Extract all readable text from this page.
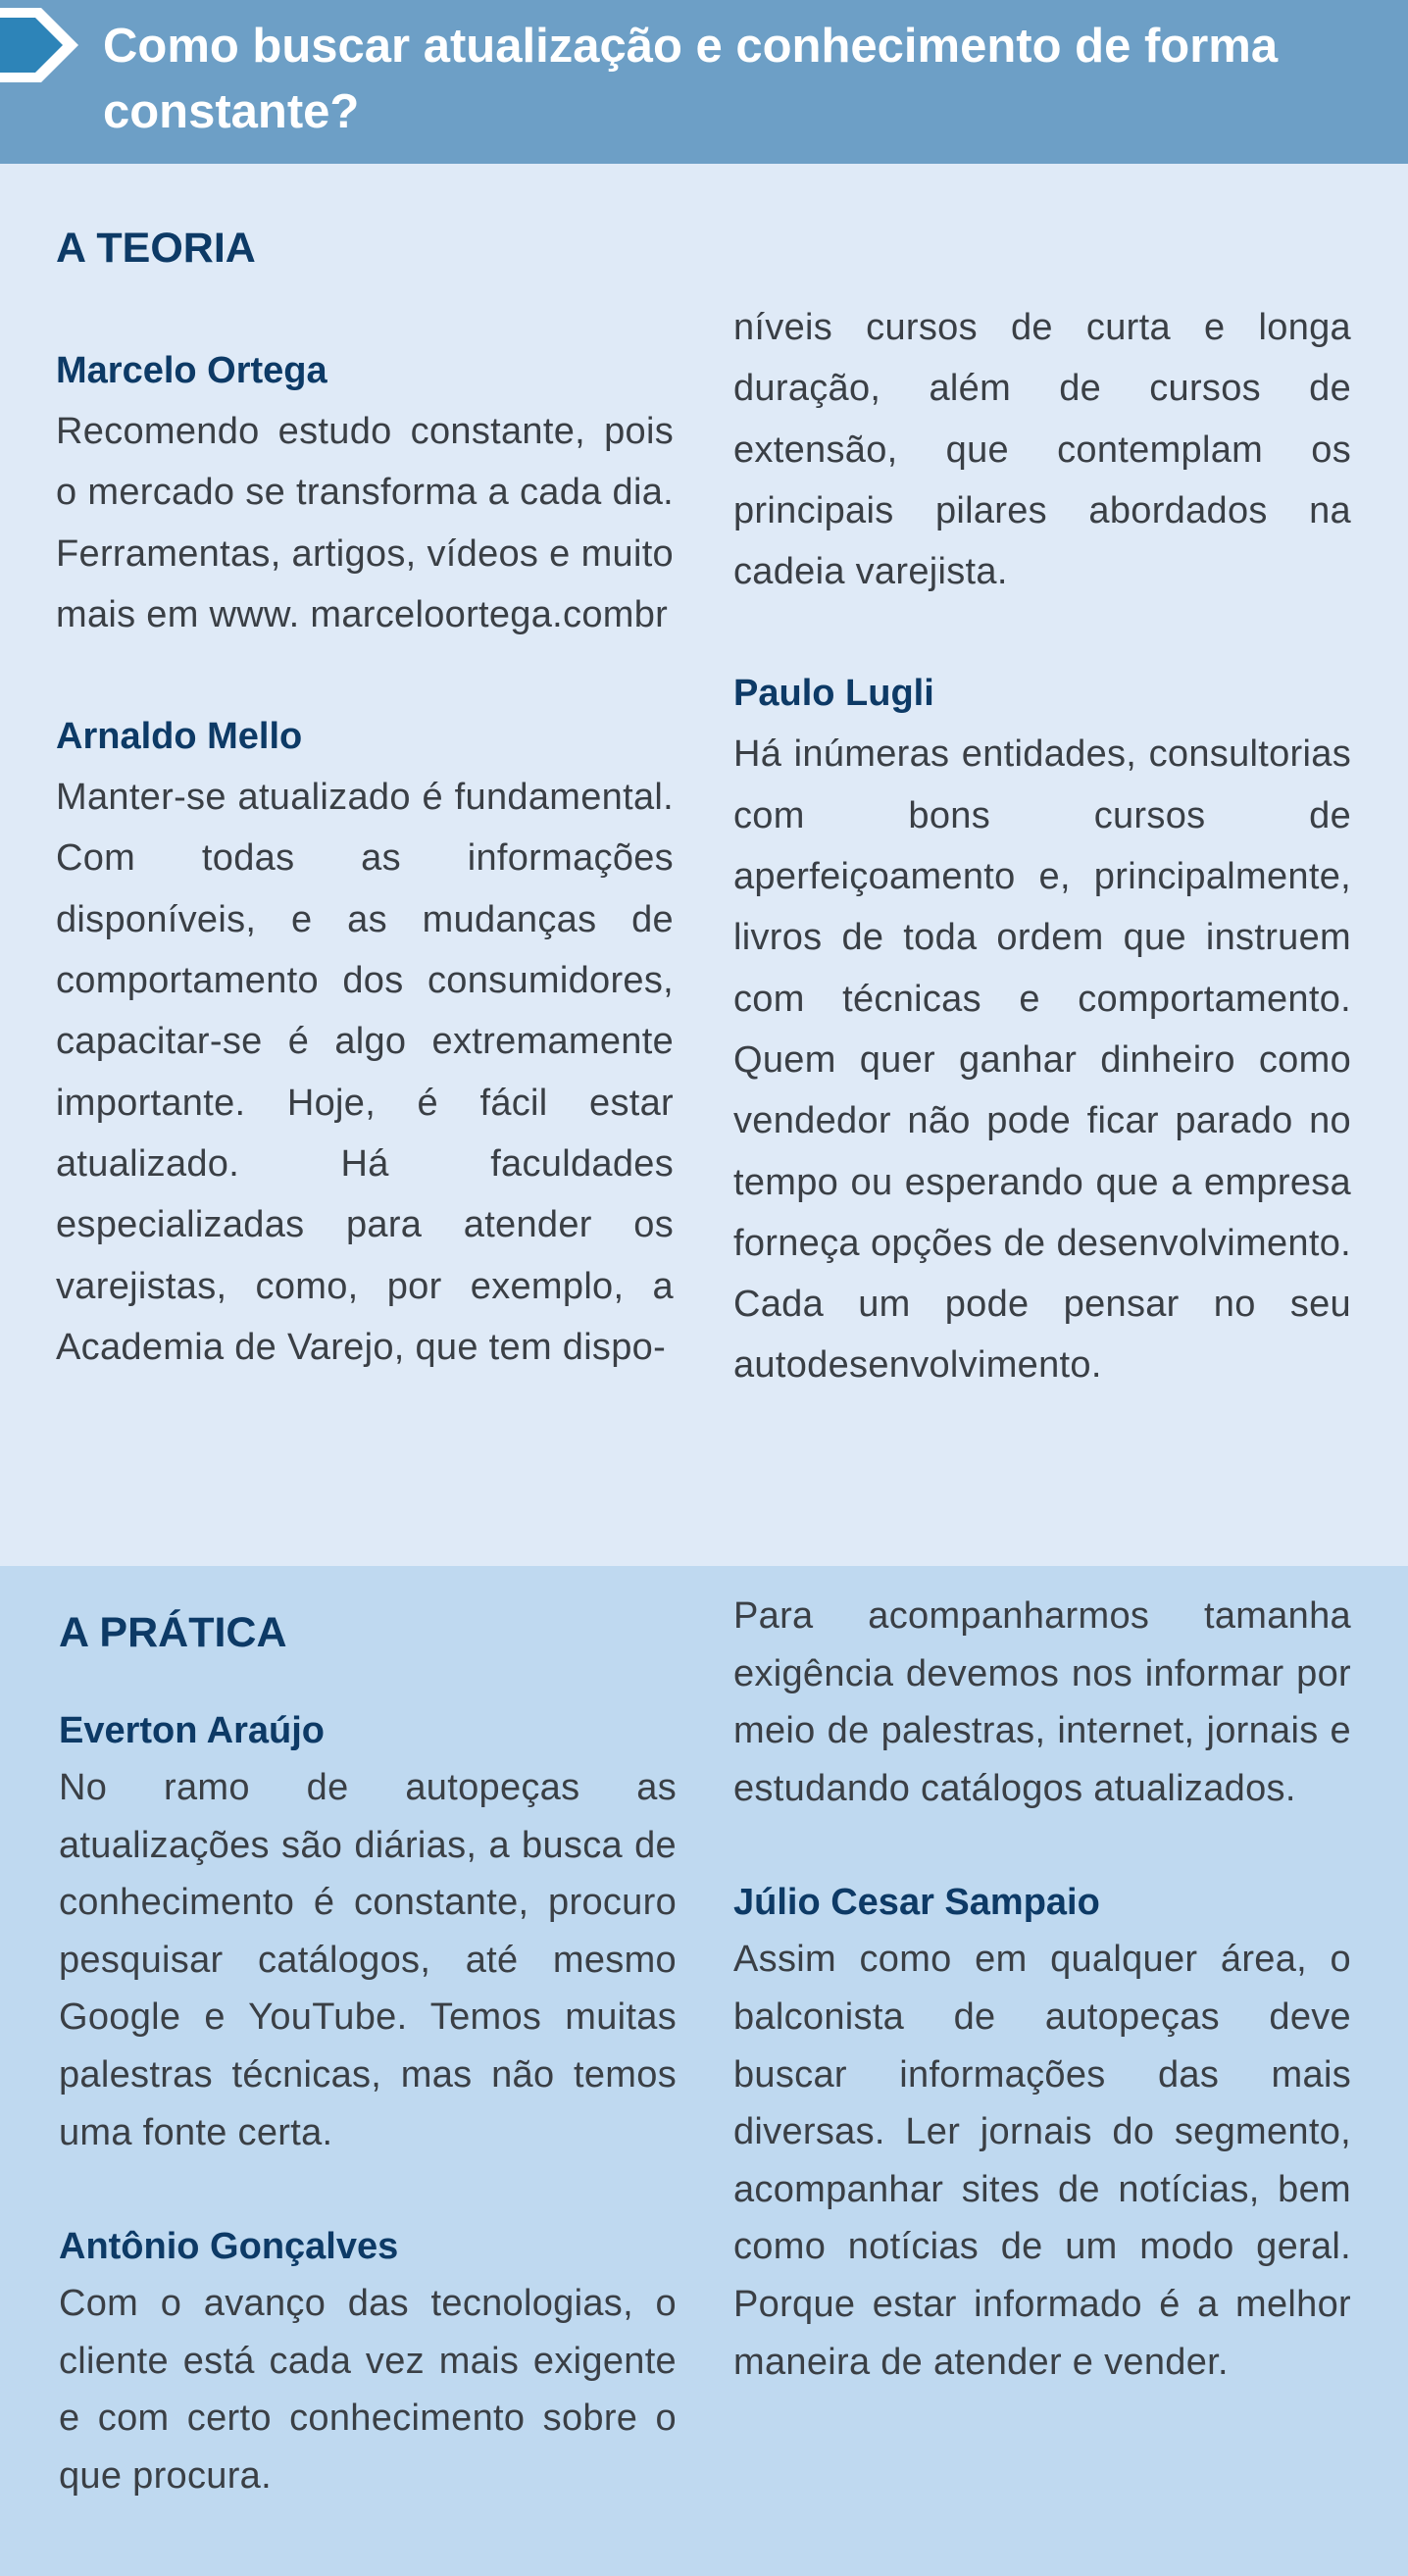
Como buscar atualização e conhecimento de forma constante?
A TEORIA

Marcelo Ortega

Recomendo estudo constante, pois o mercado se transforma a cada dia. Ferramentas, artigos, vídeos e muito mais em www. marceloortega.combr

Arnaldo Mello

Manter-se atualizado é fundamental. Com todas as informações disponíveis, e as mudanças de comportamento dos consumidores, capacitar-se é algo extremamente importante. Hoje, é fácil estar atualizado. Há faculdades especializadas para atender os varejistas, como, por exemplo, a Academia de Varejo, que tem dispo-

níveis cursos de curta e longa duração, além de cursos de extensão, que contemplam os principais pilares abordados na cadeia varejista.

Paulo Lugli

Há inúmeras entidades, consultorias com bons cursos de aperfeiçoamento e, principalmente, livros de toda ordem que instruem com técnicas e comportamento. Quem quer ganhar dinheiro como vendedor não pode ficar parado no tempo ou esperando que a empresa forneça opções de desenvolvimento. Cada um pode pensar no seu autodesenvolvimento.

A PRÁTICA

Everton Araújo

No ramo de autopeças as atualizações são diárias, a busca de conhecimento é constante, procuro pesquisar catálogos, até mesmo Google e YouTube. Temos muitas palestras técnicas, mas não temos uma fonte certa.

Antônio Gonçalves

Com o avanço das tecnologias, o cliente está cada vez mais exigente e com certo conhecimento sobre o que procura.

Para acompanharmos tamanha exigência devemos nos informar por meio de palestras, internet, jornais e estudando catálogos atualizados.

Júlio Cesar Sampaio

Assim como em qualquer área, o balconista de autopeças deve buscar informações das mais diversas. Ler jornais do segmento, acompanhar sites de notícias, bem como notícias de um modo geral. Porque estar informado é a melhor maneira de atender e vender.
